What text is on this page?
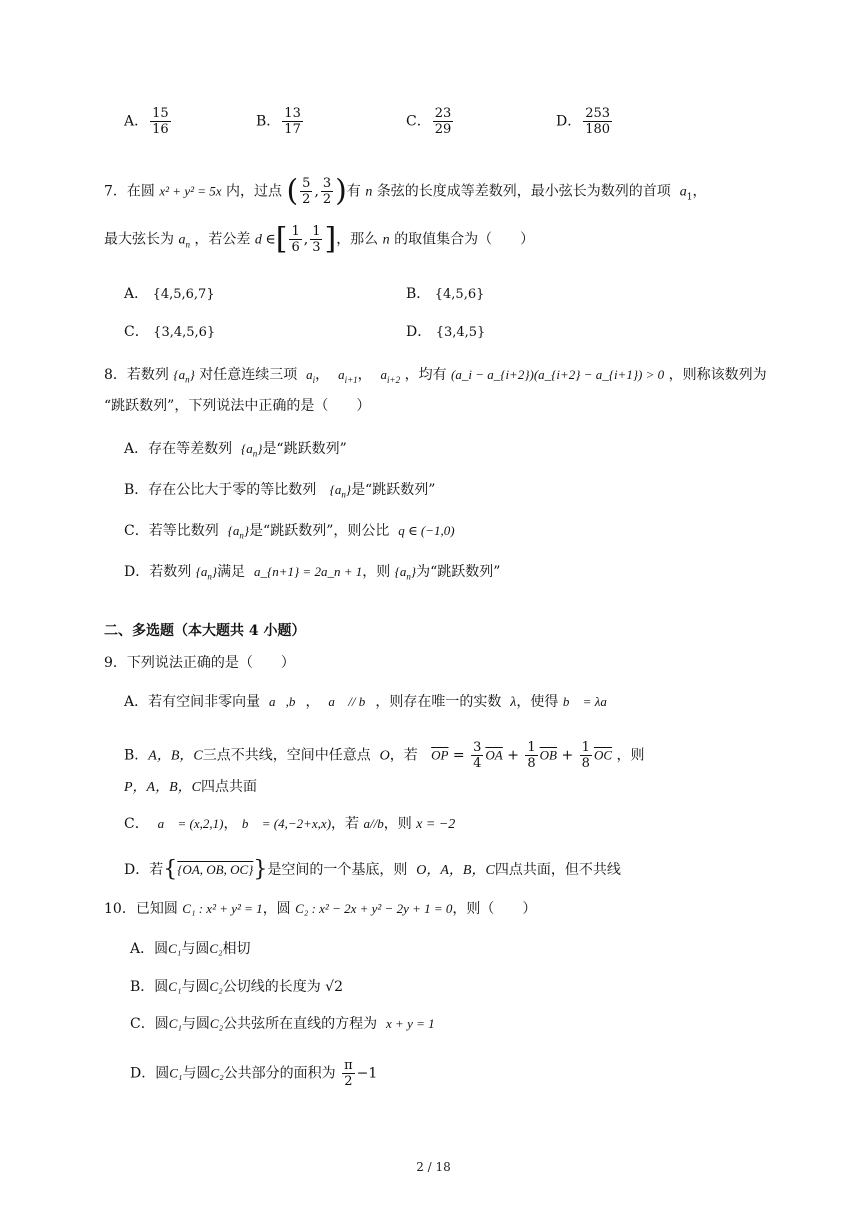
A． $\frac{15}{16}$	B． $\frac{13}{17}$	C． $\frac{23}{29}$	D． $\frac{253}{180}$
7．在圆 x² + y² = 5x 内，过点 ( $\frac{5}{2}$ , $\frac{3}{2}$ )有 n 条弦的长度成等差数列，最小弦长为数列的首项 $a_1$，
最大弦长为 $a_n$ ，若公差 d ∈[ $\frac{1}{6}$ , $\frac{1}{3}$ ]，那么 n 的取值集合为（　　）
A． {4,5,6,7}	B． {4,5,6}
C． {3,4,5,6}	D． {3,4,5}
8．若数列 $\{a_n\}$ 对任意连续三项 $a_i$， $a_{i+1}$， $a_{i+2}$ ，均有 (a_i − a_{i+2})(a_{i+2} − a_{i+1}) > 0 ，则称该数列为
“跳跃数列”，下列说法中正确的是（　　）
A．存在等差数列 $\{a_n\}$是“跳跃数列”
B．存在公比大于零的等比数列 $\{a_n\}$是“跳跃数列”
C．若等比数列 $\{a_n\}$是“跳跃数列”，则公比 q ∈ (−1,0)
D．若数列 $\{a_n\}$满足 a_{n+1} = 2a_n + 1，则 $\{a_n\}$为“跳跃数列”
二、多选题（本大题共 4 小题）
9．下列说法正确的是（　　）
A．若有空间非零向量 a⃗,b⃗， a⃗ // b⃗，则存在唯一的实数 λ，使得 b⃗ = λa⃗
B．A，B，C三点不共线，空间中任意点 O，若 $\overline{OP} = \frac{3}{4} \overline{OA} + \frac{1}{8} \overline{OB} + \frac{1}{8} \overline{OC}$ ，则
P，A，B，C四点共面
C． a⃗ = (x,2,1)， b⃗ = (4,−2+x,x)，若 a//b，则 x = −2
D．若{{OA, OB, OC}}是空间的一个基底，则 O，A，B，C四点共面，但不共线
10．已知圆 C₁ : x² + y² = 1，圆 C₂ : x² − 2x + y² − 2y + 1 = 0，则（　　）
A．圆C₁与圆C₂相切
B．圆C₁与圆C₂公切线的长度为 √2
C．圆C₁与圆C₂公共弦所在直线的方程为 x + y = 1
D．圆C₁与圆C₂公共部分的面积为 $\frac{\pi}{2} -1$
2 / 18
